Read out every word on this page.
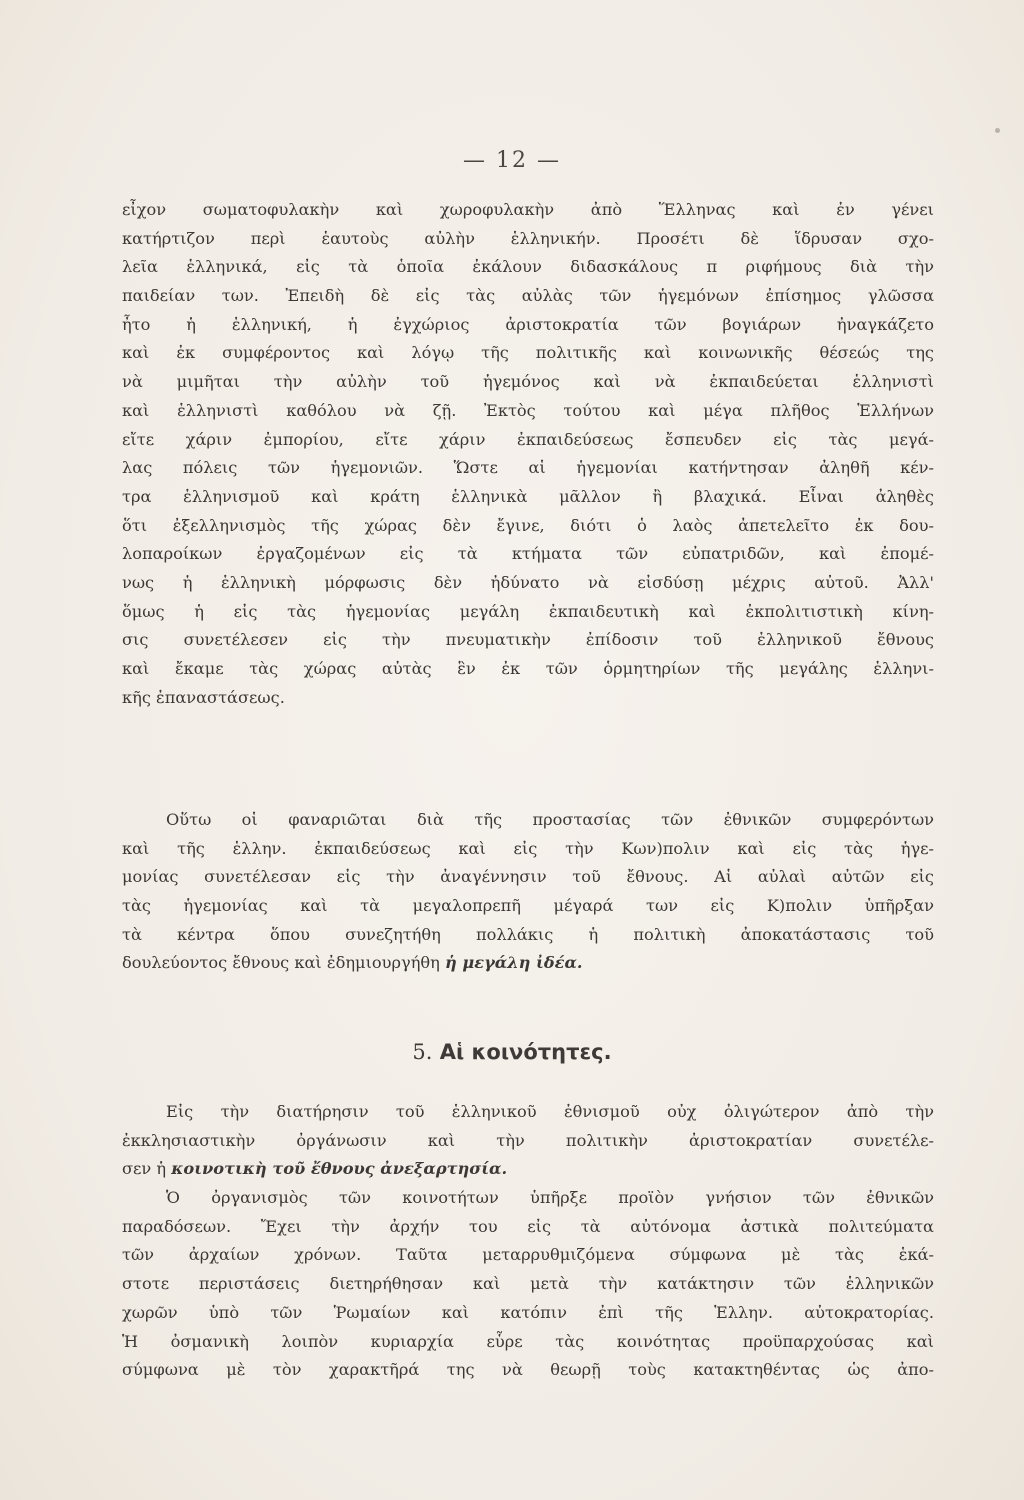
— 12 —
εἶχον σωματοφυλακὴν καὶ χωροφυλακὴν ἀπὸ Ἕλληνας καὶ ἐν γένει
κατήρτιζον περὶ ἑαυτοὺς αὐλὴν ἑλληνικήν. Προσέτι δὲ ἵδρυσαν σχο-
λεῖα ἑλληνικά, εἰς τὰ ὁποῖα ἐκάλουν διδασκάλους π ριφήμους διὰ τὴν
παιδείαν των. Ἐπειδὴ δὲ εἰς τὰς αὐλὰς τῶν ἡγεμόνων ἐπίσημος γλῶσσα
ἦτο ἡ ἑλληνική, ἡ ἐγχώριος ἀριστοκρατία τῶν βογιάρων ἠναγκάζετο
καὶ ἐκ συμφέροντος καὶ λόγῳ τῆς πολιτικῆς καὶ κοινωνικῆς θέσεώς της
νὰ μιμῆται τὴν αὐλὴν τοῦ ἡγεμόνος καὶ νὰ ἐκπαιδεύεται ἑλληνιστὶ
καὶ ἑλληνιστὶ καθόλου νὰ ζῇ. Ἐκτὸς τούτου καὶ μέγα πλῆθος Ἑλλήνων
εἴτε χάριν ἐμπορίου, εἴτε χάριν ἐκπαιδεύσεως ἔσπευδεν εἰς τὰς μεγά-
λας πόλεις τῶν ἡγεμονιῶν. Ὥστε αἱ ἡγεμονίαι κατήντησαν ἀληθῆ κέν-
τρα ἑλληνισμοῦ καὶ κράτη ἑλληνικὰ μᾶλλον ἢ βλαχικά. Εἶναι ἀληθὲς
ὅτι ἐξελληνισμὸς τῆς χώρας δὲν ἔγινε, διότι ὁ λαὸς ἀπετελεῖτο ἐκ δου-
λοπαροίκων ἐργαζομένων εἰς τὰ κτήματα τῶν εὐπατριδῶν, καὶ ἐπομέ-
νως ἡ ἑλληνικὴ μόρφωσις δὲν ἠδύνατο νὰ εἰσδύσῃ μέχρις αὐτοῦ. Ἀλλ'
ὅμως ἡ εἰς τὰς ἡγεμονίας μεγάλη ἐκπαιδευτικὴ καὶ ἐκπολιτιστικὴ κίνη-
σις συνετέλεσεν εἰς τὴν πνευματικὴν ἐπίδοσιν τοῦ ἑλληνικοῦ ἔθνους
καὶ ἔκαμε τὰς χώρας αὐτὰς ἓν ἐκ τῶν ὁρμητηρίων τῆς μεγάλης ἑλληνι-
κῆς ἐπαναστάσεως.
Οὕτω οἱ φαναριῶται διὰ τῆς προστασίας τῶν ἐθνικῶν συμφερόντων
καὶ τῆς ἑλλην. ἐκπαιδεύσεως καὶ εἰς τὴν Κων)πολιν καὶ εἰς τὰς ἡγε-
μονίας συνετέλεσαν εἰς τὴν ἀναγέννησιν τοῦ ἔθνους. Αἱ αὐλαὶ αὐτῶν εἰς
τὰς ἡγεμονίας καὶ τὰ μεγαλοπρεπῆ μέγαρά των εἰς Κ)πολιν ὑπῆρξαν
τὰ κέντρα ὅπου συνεζητήθη πολλάκις ἡ πολιτικὴ ἀποκατάστασις τοῦ
δουλεύοντος ἔθνους καὶ ἐδημιουργήθη ἡ μεγάλη ἰδέα.
5. Αἱ κοινότητες.
Εἰς τὴν διατήρησιν τοῦ ἑλληνικοῦ ἐθνισμοῦ οὐχ ὀλιγώτερον ἀπὸ τὴν
ἐκκλησιαστικὴν ὀργάνωσιν καὶ τὴν πολιτικὴν ἀριστοκρατίαν συνετέλε-
σεν ἡ κοινοτικὴ τοῦ ἔθνους ἀνεξαρτησία.
Ὁ ὀργανισμὸς τῶν κοινοτήτων ὑπῆρξε προϊὸν γνήσιον τῶν ἐθνικῶν
παραδόσεων. Ἔχει τὴν ἀρχήν του εἰς τὰ αὐτόνομα ἀστικὰ πολιτεύματα
τῶν ἀρχαίων χρόνων. Ταῦτα μεταρρυθμιζόμενα σύμφωνα μὲ τὰς ἑκά-
στοτε περιστάσεις διετηρήθησαν καὶ μετὰ τὴν κατάκτησιν τῶν ἑλληνικῶν
χωρῶν ὑπὸ τῶν Ῥωμαίων καὶ κατόπιν ἐπὶ τῆς Ἑλλην. αὐτοκρατορίας.
Ἡ ὀσμανικὴ λοιπὸν κυριαρχία εὗρε τὰς κοινότητας προϋπαρχούσας καὶ
σύμφωνα μὲ τὸν χαρακτῆρά της νὰ θεωρῇ τοὺς κατακτηθέντας ὡς ἀπο-
